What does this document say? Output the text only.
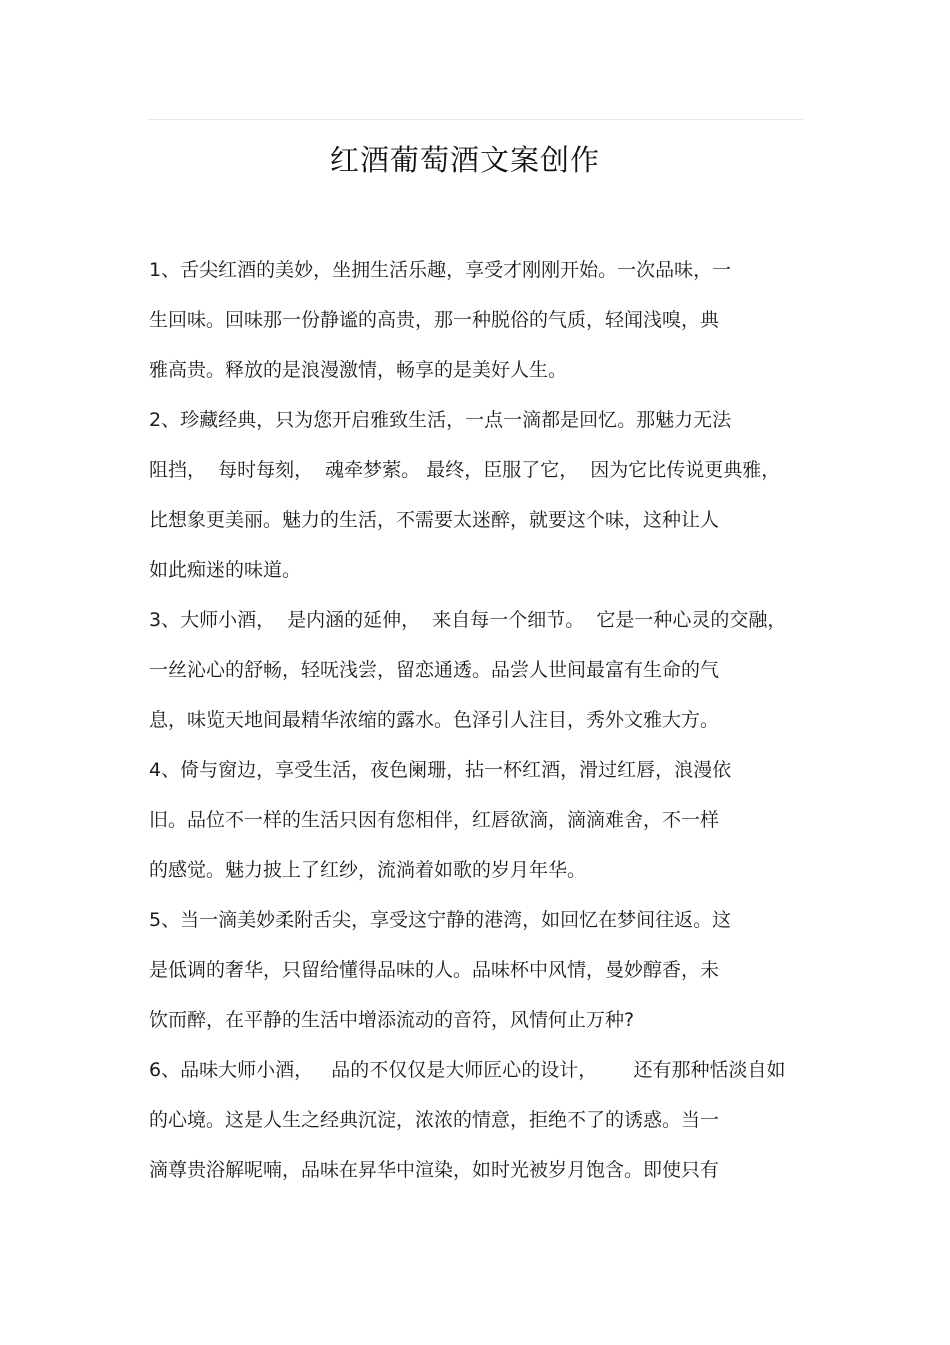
红酒葡萄酒文案创作
1、舌尖红酒的美妙，坐拥生活乐趣，享受才刚刚开始。一次品味，一
生回味。回味那一份静谧的高贵，那一种脱俗的气质，轻闻浅嗅，典
雅高贵。释放的是浪漫激情，畅享的是美好人生。
2、珍藏经典，只为您开启雅致生活，一点一滴都是回忆。那魅力无法
阻挡，  每时每刻，  魂牵梦萦。 最终，臣服了它，  因为它比传说更典雅，
比想象更美丽。魅力的生活，不需要太迷醉，就要这个味，这种让人
如此痴迷的味道。
3、大师小酒，  是内涵的延伸，  来自每一个细节。  它是一种心灵的交融，
一丝沁心的舒畅，轻呒浅尝，留恋通透。品尝人世间最富有生命的气
息，味览天地间最精华浓缩的露水。色泽引人注目，秀外文雅大方。
4、倚与窗边，享受生活，夜色阑珊，拈一杯红酒，滑过红唇，浪漫依
旧。品位不一样的生活只因有您相伴，红唇欲滴，滴滴难舍，不一样
的感觉。魅力披上了红纱，流淌着如歌的岁月年华。
5、当一滴美妙柔附舌尖，享受这宁静的港湾，如回忆在梦间往返。这
是低调的奢华，只留给懂得品味的人。品味杯中风情，曼妙醇香，未
饮而醉，在平静的生活中增添流动的音符，风情何止万种?
6、品味大师小酒，   品的不仅仅是大师匠心的设计，      还有那种恬淡自如
的心境。这是人生之经典沉淀，浓浓的情意，拒绝不了的诱惑。当一
滴尊贵浴解呢喃，品味在昇华中渲染，如时光被岁月饱含。即使只有
